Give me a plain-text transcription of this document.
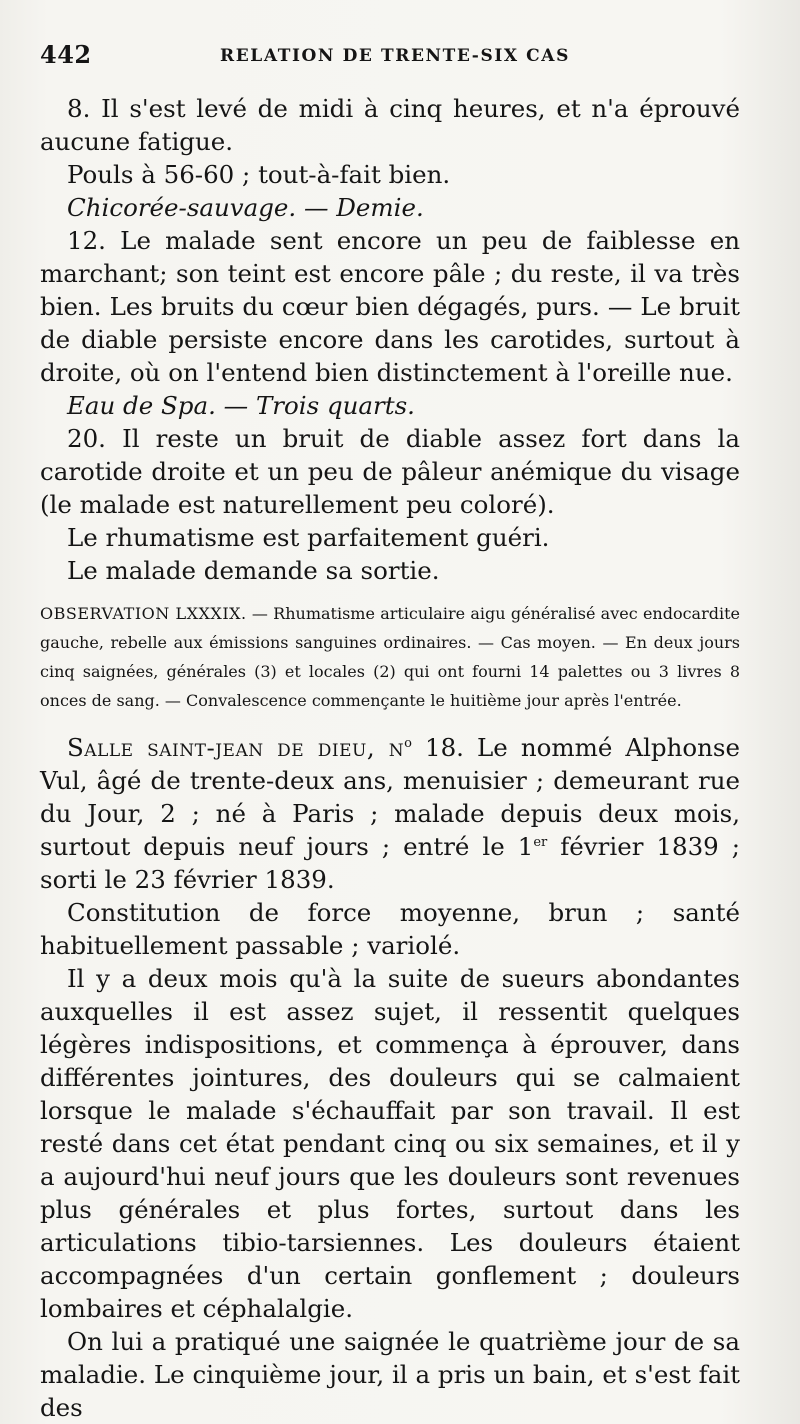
442	RELATION DE TRENTE-SIX CAS

8. Il s'est levé de midi à cinq heures, et n'a éprouvé aucune fatigue.

Pouls à 56-60 ; tout-à-fait bien.

Chicorée-sauvage. — Demie.

12. Le malade sent encore un peu de faiblesse en marchant; son teint est encore pâle ; du reste, il va très bien. Les bruits du cœur bien dégagés, purs. — Le bruit de diable persiste encore dans les carotides, surtout à droite, où on l'entend bien distinctement à l'oreille nue.

Eau de Spa. — Trois quarts.

20. Il reste un bruit de diable assez fort dans la carotide droite et un peu de pâleur anémique du visage (le malade est naturellement peu coloré).

Le rhumatisme est parfaitement guéri.

Le malade demande sa sortie.

OBSERVATION LXXXIX. — Rhumatisme articulaire aigu généralisé avec endocardite gauche, rebelle aux émissions sanguines ordinaires. — Cas moyen. — En deux jours cinq saignées, générales (3) et locales (2) qui ont fourni 14 palettes ou 3 livres 8 onces de sang. — Convalescence commençante le huitième jour après l'entrée.

Salle saint-jean de dieu, $n^o$ 18. Le nommé Alphonse Vul, âgé de trente-deux ans, menuisier ; demeurant rue du Jour, 2 ; né à Paris ; malade depuis deux mois, surtout depuis neuf jours ; entré le 1er février 1839 ; sorti le 23 février 1839.

Constitution de force moyenne, brun ; santé habituellement passable ; variolé.

Il y a deux mois qu'à la suite de sueurs abondantes auxquelles il est assez sujet, il ressentit quelques légères indispositions, et commença à éprouver, dans différentes jointures, des douleurs qui se calmaient lorsque le malade s'échauffait par son travail. Il est resté dans cet état pendant cinq ou six semaines, et il y a aujourd'hui neuf jours que les douleurs sont revenues plus générales et plus fortes, surtout dans les articulations tibio-tarsiennes. Les douleurs étaient accompagnées d'un certain gonflement ; douleurs lombaires et céphalalgie.

On lui a pratiqué une saignée le quatrième jour de sa maladie. Le cinquième jour, il a pris un bain, et s'est fait des
